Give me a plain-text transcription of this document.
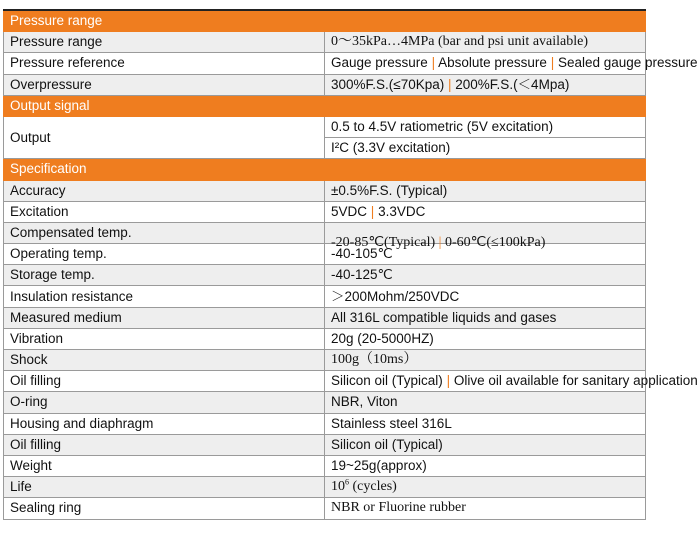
Pressure range	
Pressure range	0～35kPa…4MPa (bar and psi unit available)
Pressure reference	Gauge pressure | Absolute pressure | Sealed gauge pressure
Overpressure	300%F.S.(≤70Kpa) | 200%F.S.(＜4Mpa)
Output signal	
Output	0.5 to 4.5V ratiometric (5V excitation)
	I²C (3.3V excitation)
Specification	
Accuracy	±0.5%F.S. (Typical)
Excitation	5VDC | 3.3VDC
Compensated temp.	-20-85℃(Typical) | 0-60℃(≤100kPa)

Operating temp.	-40-105℃
Storage temp.	-40-125℃
Insulation resistance	＞200Mohm/250VDC
Measured medium	All 316L compatible liquids and gases
Vibration	20g (20-5000HZ)
Shock	100g（10ms）
Oil filling	Silicon oil (Typical) | Olive oil available for sanitary application
O-ring	NBR, Viton
Housing and diaphragm	Stainless steel 316L
Oil filling	Silicon oil (Typical)
Weight	19~25g(approx)
Life	$10^6$ (cycles)
Sealing ring	NBR or Fluorine rubber
